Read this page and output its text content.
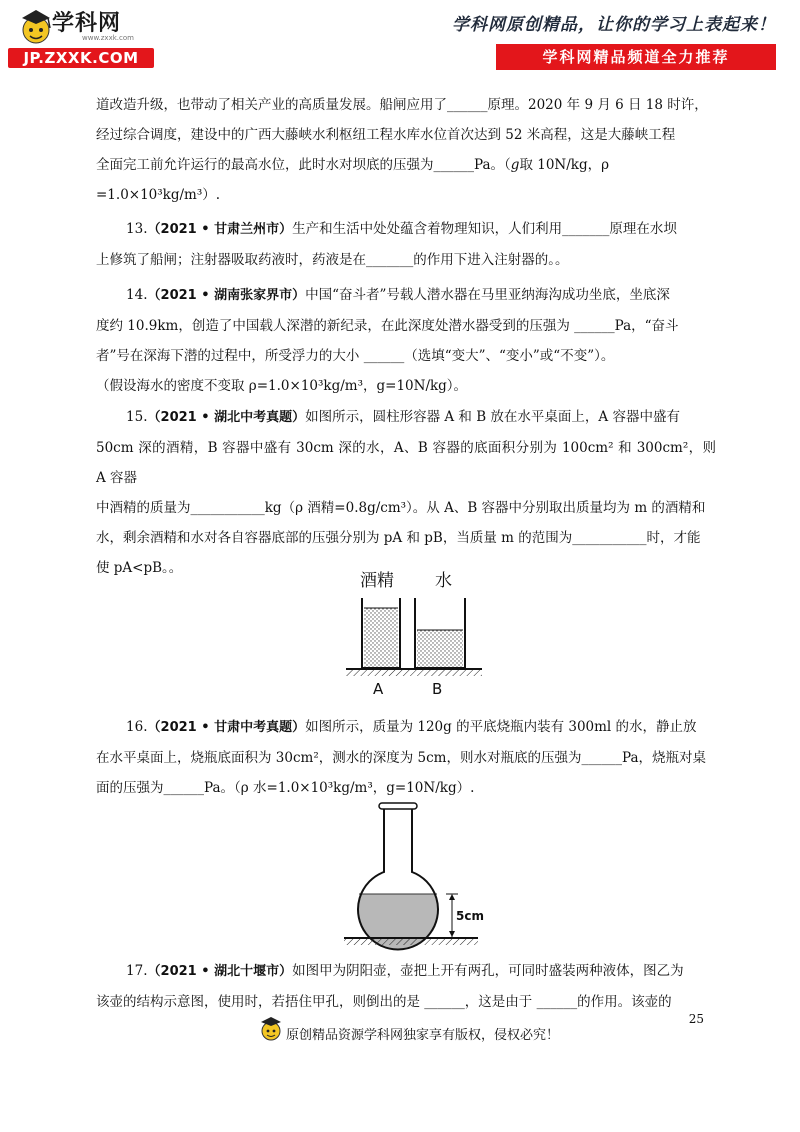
学科网
www.zxxk.com
JP.ZXXK.COM
学科网原创精品，让你的学习上表起来！
学科网精品频道全力推荐

道改造升级，也带动了相关产业的高质量发展。船闸应用了______原理。2020 年 9 月 6 日 18 时许，

经过综合调度，建设中的广西大藤峡水利枢纽工程水库水位首次达到 52 米高程，这是大藤峡工程

全面完工前允许运行的最高水位，此时水对坝底的压强为______Pa。（g取 10N/kg，ρ

=1.0×10³kg/m³）.

13.（2021 • 甘肃兰州市）生产和生活中处处蕴含着物理知识，人们利用_______原理在水坝

上修筑了船闸；注射器吸取药液时，药液是在_______的作用下进入注射器的。。

14.（2021 • 湖南张家界市）中国“奋斗者”号载人潜水器在马里亚纳海沟成功坐底，坐底深

度约 10.9km，创造了中国载人深潜的新纪录，在此深度处潜水器受到的压强为 ______Pa，“奋斗

者”号在深海下潜的过程中，所受浮力的大小 ______（选填“变大”、“变小”或“不变”）。

（假设海水的密度不变取 ρ=1.0×10³kg/m³，g=10N/kg）。

15.（2021 • 湖北中考真题）如图所示，圆柱形容器 A 和 B 放在水平桌面上，A 容器中盛有

50cm 深的酒精，B 容器中盛有 30cm 深的水，A、B 容器的底面积分别为 100cm² 和 300cm²，则 A 容器

中酒精的质量为___________kg（ρ 酒精=0.8g/cm³）。从 A、B 容器中分别取出质量均为 m 的酒精和

水，剩余酒精和水对各自容器底部的压强分别为 pA 和 pB，当质量 m 的范围为___________时，才能

使 pA<pB。。

酒精 水
A	B

16.（2021 • 甘肃中考真题）如图所示，质量为 120g 的平底烧瓶内装有 300ml 的水，静止放

在水平桌面上，烧瓶底面积为 30cm²，测水的深度为 5cm，则水对瓶底的压强为______Pa，烧瓶对桌

面的压强为______Pa。（ρ 水=1.0×10³kg/m³，g=10N/kg）.

5cm

17.（2021 • 湖北十堰市）如图甲为阴阳壶，壶把上开有两孔，可同时盛装两种液体，图乙为

该壶的结构示意图，使用时，若捂住甲孔，则倒出的是 ______，这是由于 ______的作用。该壶的

25
原创精品资源学科网独家享有版权，侵权必究！
